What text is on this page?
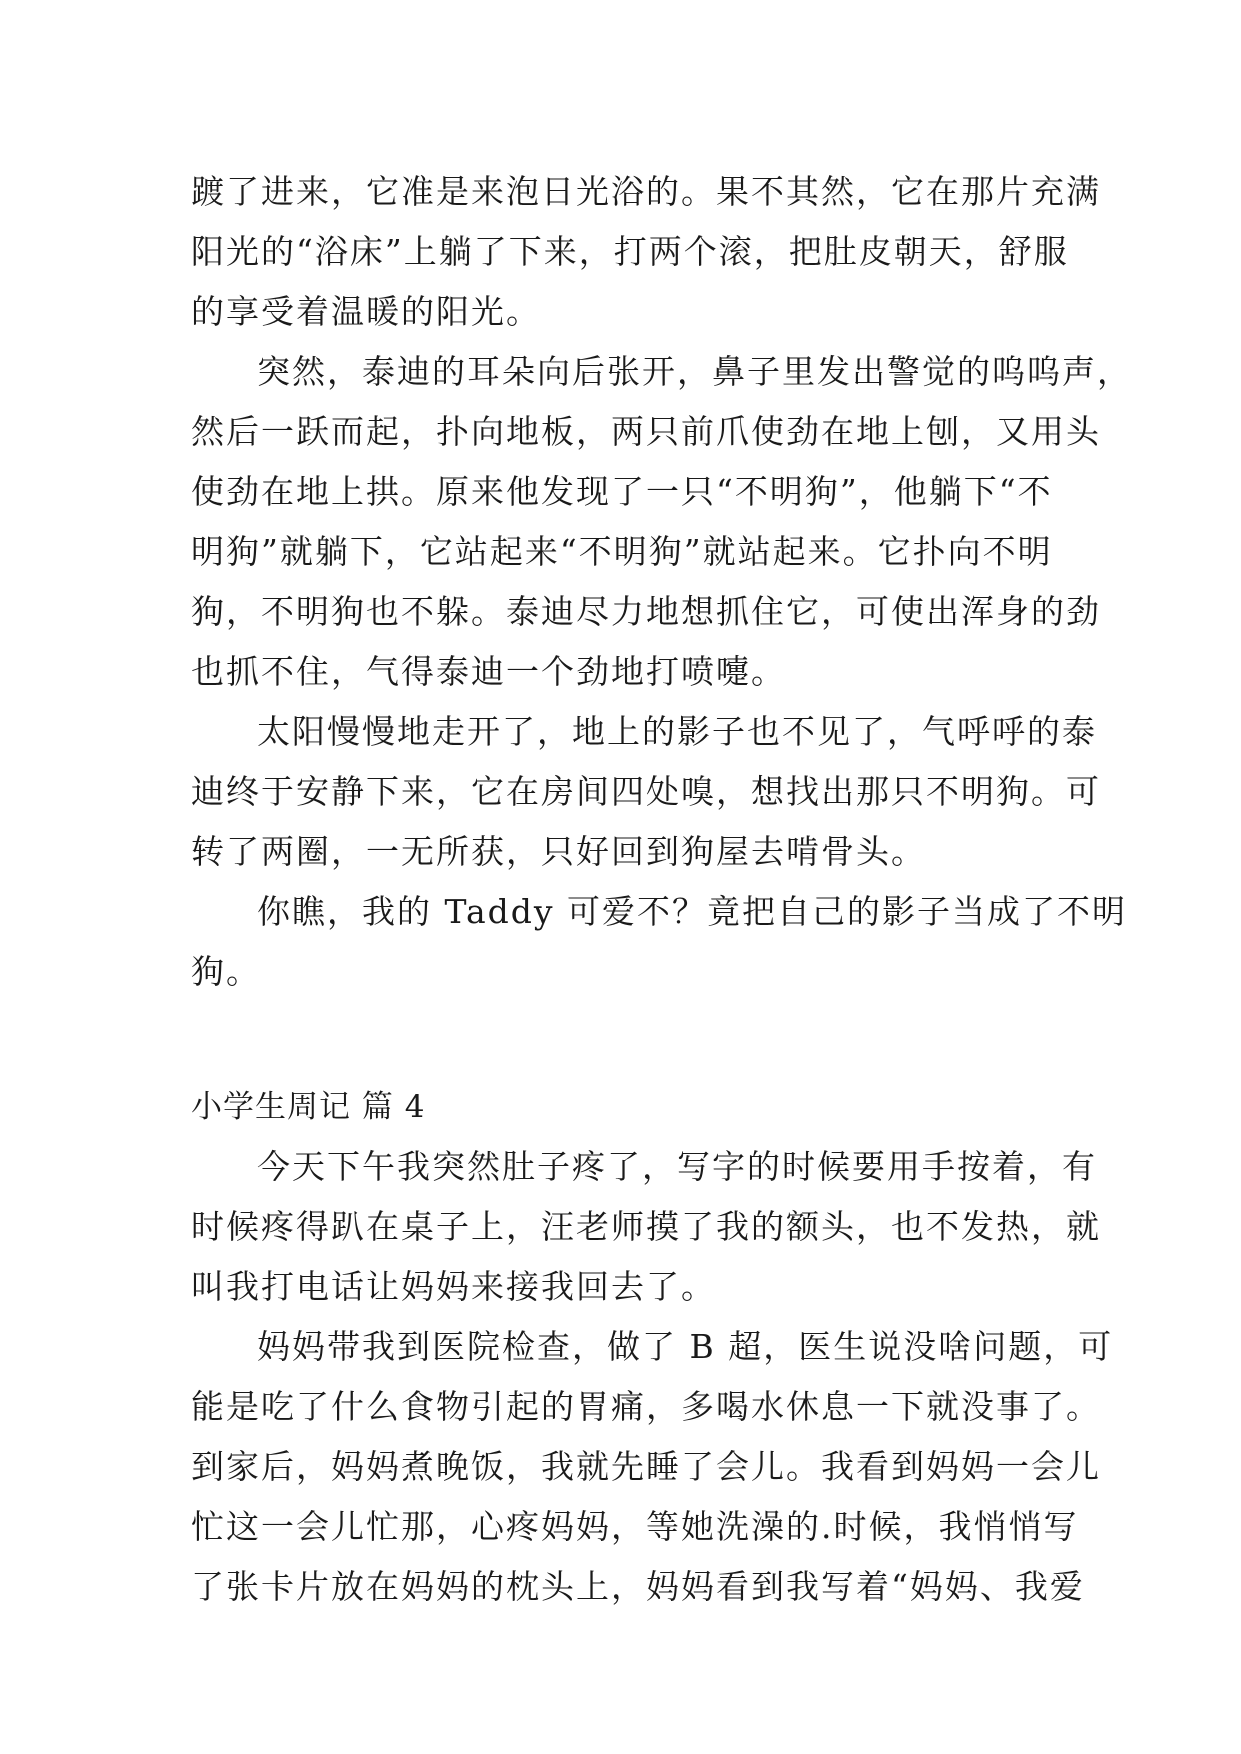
踱了进来，它准是来泡日光浴的。果不其然，它在那片充满
阳光的“浴床”上躺了下来，打两个滚，把肚皮朝天，舒服
的享受着温暖的阳光。
突然，泰迪的耳朵向后张开，鼻子里发出警觉的呜呜声，
然后一跃而起，扑向地板，两只前爪使劲在地上刨，又用头
使劲在地上拱。原来他发现了一只“不明狗”，他躺下“不
明狗”就躺下，它站起来“不明狗”就站起来。它扑向不明
狗，不明狗也不躲。泰迪尽力地想抓住它，可使出浑身的劲
也抓不住，气得泰迪一个劲地打喷嚏。
太阳慢慢地走开了，地上的影子也不见了，气呼呼的泰
迪终于安静下来，它在房间四处嗅，想找出那只不明狗。可
转了两圈，一无所获，只好回到狗屋去啃骨头。
你瞧，我的 Taddy 可爱不？竟把自己的影子当成了不明
狗。
小学生周记 篇 4
今天下午我突然肚子疼了，写字的时候要用手按着，有
时候疼得趴在桌子上，汪老师摸了我的额头，也不发热，就
叫我打电话让妈妈来接我回去了。
妈妈带我到医院检查，做了 B 超，医生说没啥问题，可
能是吃了什么食物引起的胃痛，多喝水休息一下就没事了。
到家后，妈妈煮晚饭，我就先睡了会儿。我看到妈妈一会儿
忙这一会儿忙那，心疼妈妈，等她洗澡的.时候，我悄悄写
了张卡片放在妈妈的枕头上，妈妈看到我写着“妈妈、我爱
